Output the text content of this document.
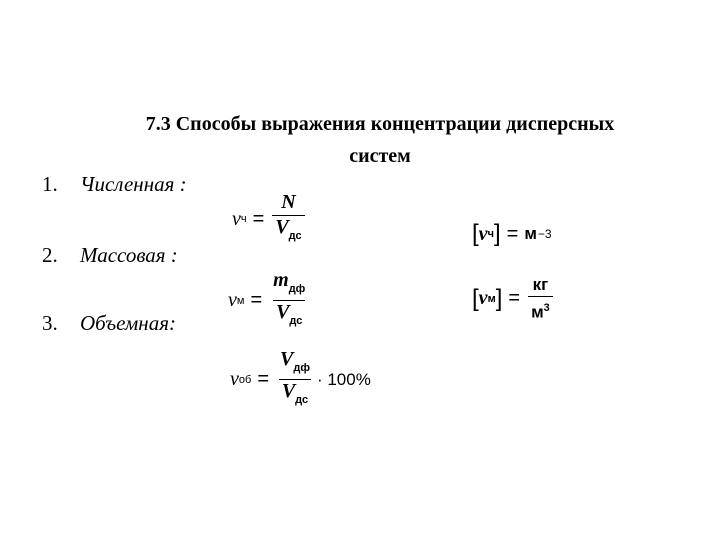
7.3 Способы выражения концентрации дисперсных
систем
1. Численная :
2. Массовая :
3. Объемная:
ν $ч = \frac{N}{V_{дс}}$
ν $м = \frac{m_{дф}}{V_{дс}}$
ν об = $\frac{V_{дф}}{V_{дс}} \cdot 100\%$
[ ν ч ] = м −3
[ ν м ] = $\frac{кг}{м^3}$
